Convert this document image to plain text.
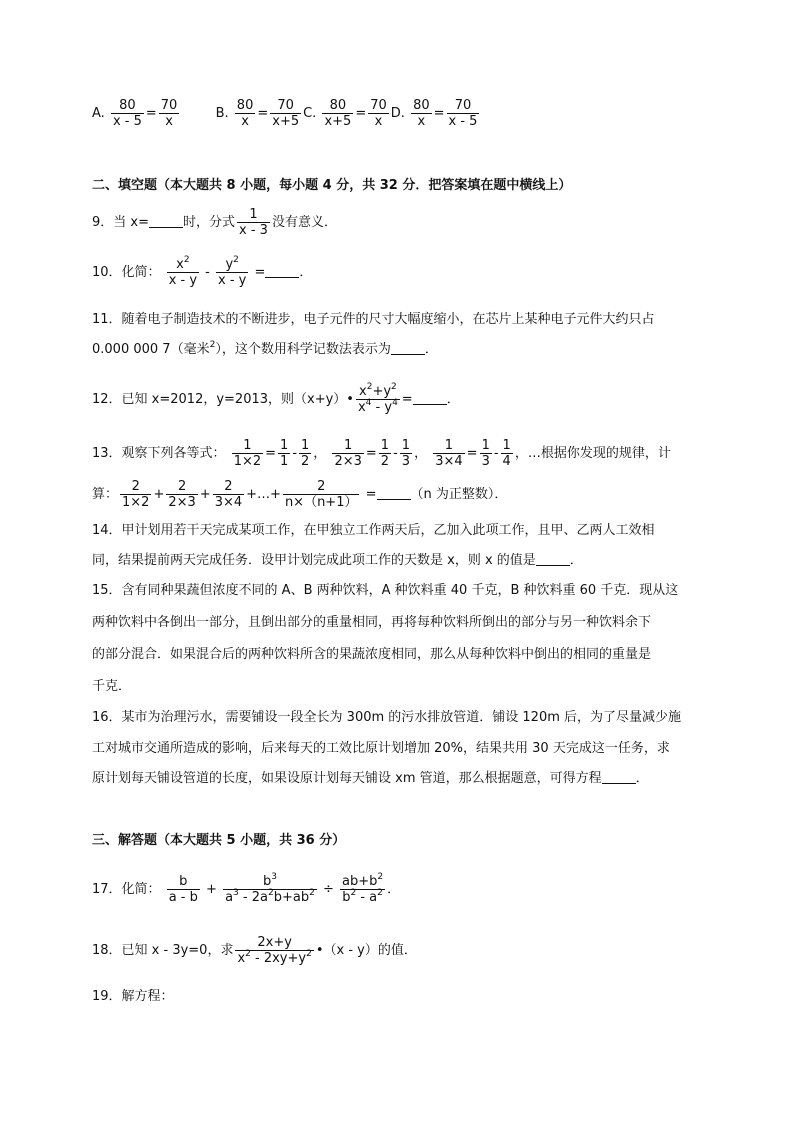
A. $\frac{80}{x - 5} = \frac{70}{x}$	B. $\frac{80}{x} = \frac{70}{x+5} C$. $\frac{80}{x+5} = \frac{70}{x} D$. $\frac{80}{x} = \frac{70}{x - 5}$
二、填空题（本大题共 8 小题，每小题 4 分，共 32 分．把答案填在题中横线上）
9．当 x=	时，分式 $\frac{1}{x - 3}$ 没有意义．
10．化简： $\frac{x^2}{x - y} - \frac{y^2}{x - y}$ =	．
11．随着电子制造技术的不断进步，电子元件的尺寸大幅度缩小，在芯片上某种电子元件大约只占
0.000 000 7（毫米$^2$），这个数用科学记数法表示为	．
12．已知 x=2012，y=2013，则（x+y）• $\frac{x^2+y^2}{x^4 - y^4}$ =	．
13．观察下列各等式： $\frac{1}{1\times 2} = \frac{1}{1} - \frac{1}{2}$ ， $\frac{1}{2\times 3} = \frac{1}{2} - \frac{1}{3}$ ， $\frac{1}{3\times 4} = \frac{1}{3} - \frac{1}{4}$ ，…根据你发现的规律，计
算： $\frac{2}{1\times 2} + \frac{2}{2\times 3} + \frac{2}{3\times 4}$ +…+ $\frac{2}{n\times(n+1)}$ =	（n 为正整数）．
14．甲计划用若干天完成某项工作，在甲独立工作两天后，乙加入此项工作，且甲、乙两人工效相
同，结果提前两天完成任务．设甲计划完成此项工作的天数是 x，则 x 的值是	．
15．含有同种果蔬但浓度不同的 A、B 两种饮料，A 种饮料重 40 千克，B 种饮料重 60 千克．现从这
两种饮料中各倒出一部分，且倒出部分的重量相同，再将每种饮料所倒出的部分与另一种饮料余下
的部分混合．如果混合后的两种饮料所含的果蔬浓度相同，那么从每种饮料中倒出的相同的重量是
千克．
16．某市为治理污水，需要铺设一段全长为 300m 的污水排放管道．铺设 120m 后，为了尽量减少施
工对城市交通所造成的影响，后来每天的工效比原计划增加 20%，结果共用 30 天完成这一任务，求
原计划每天铺设管道的长度，如果设原计划每天铺设 xm 管道，那么根据题意，可得方程	．
三、解答题（本大题共 5 小题，共 36 分）
17．化简： $\frac{b}{a - b} + \frac{b^3}{a^3 - 2a^2b+ab^2} \div \frac{ab+b^2}{b^2 - a^2}$ ．
18．已知 x - 3y=0，求 $\frac{2x+y}{x^2 - 2xy+y^2}$ •（x - y）的值．
19．解方程：
